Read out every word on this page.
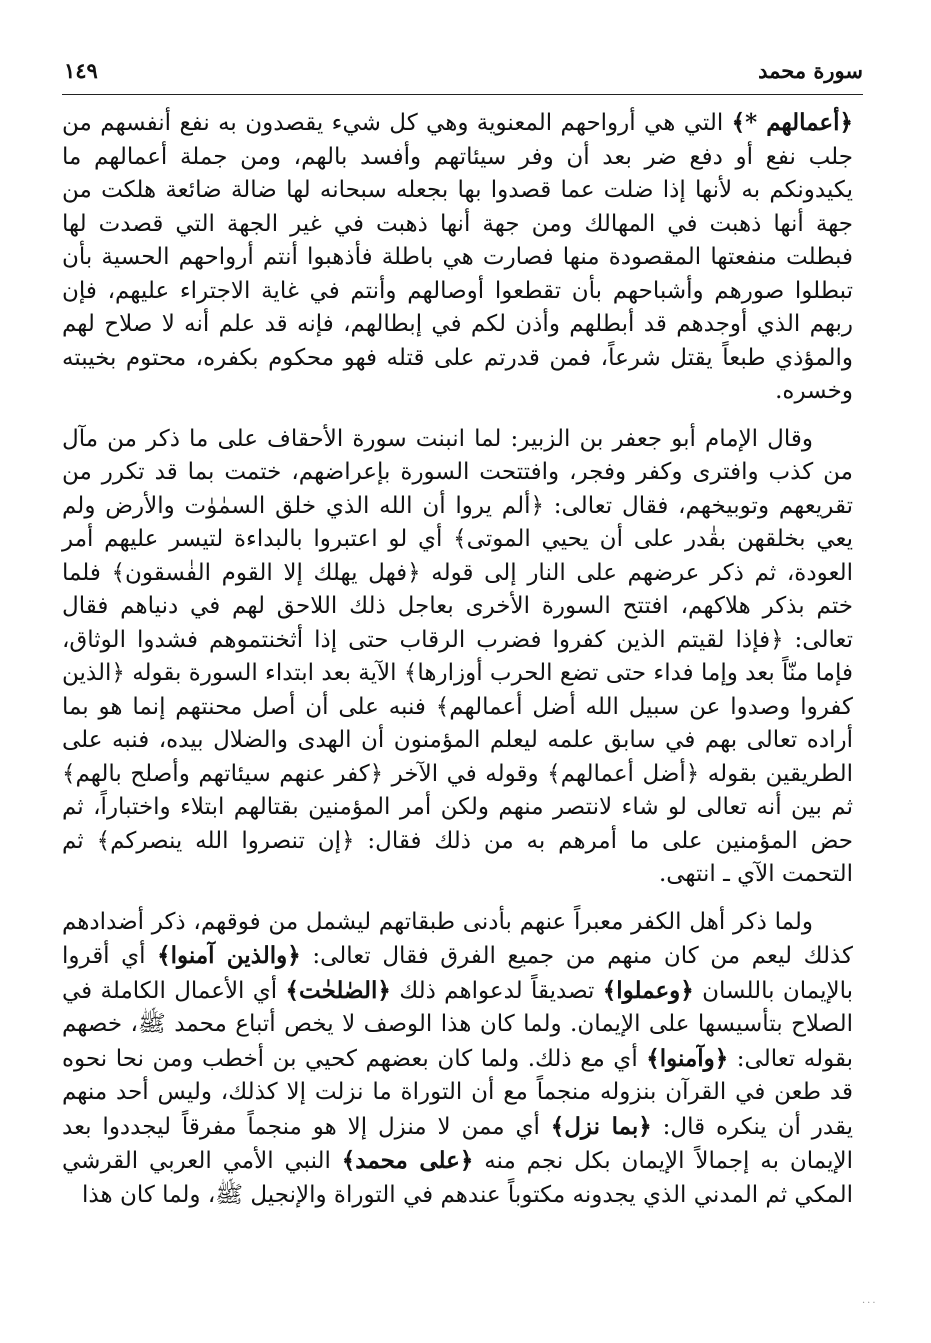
سورة محمد
١٤٩

﴿أعمالهم *﴾ التي هي أرواحهم المعنوية وهي كل شيء يقصدون به نفع أنفسهم من جلب نفع أو دفع ضر بعد أن وفر سيئاتهم وأفسد بالهم، ومن جملة أعمالهم ما يكيدونكم به لأنها إذا ضلت عما قصدوا بها بجعله سبحانه لها ضالة ضائعة هلكت من جهة أنها ذهبت في المهالك ومن جهة أنها ذهبت في غير الجهة التي قصدت لها فبطلت منفعتها المقصودة منها فصارت هي باطلة فأذهبوا أنتم أرواحهم الحسية بأن تبطلوا صورهم وأشباحهم بأن تقطعوا أوصالهم وأنتم في غاية الاجتراء عليهم، فإن ربهم الذي أوجدهم قد أبطلهم وأذن لكم في إبطالهم، فإنه قد علم أنه لا صلاح لهم والمؤذي طبعاً يقتل شرعاً، فمن قدرتم على قتله فهو محكوم بكفره، محتوم بخيبته وخسره.

وقال الإمام أبو جعفر بن الزبير: لما انبنت سورة الأحقاف على ما ذكر من مآل من كذب وافترى وكفر وفجر، وافتتحت السورة بإعراضهم، ختمت بما قد تكرر من تقريعهم وتوبيخهم، فقال تعالى: ﴿ألم يروا أن الله الذي خلق السمٰوٰت والأرض ولم يعي بخلقهن بقٰدر على أن يحيي الموتى﴾ أي لو اعتبروا بالبداءة لتيسر عليهم أمر العودة، ثم ذكر عرضهم على النار إلى قوله ﴿فهل يهلك إلا القوم الفٰسقون﴾ فلما ختم بذكر هلاكهم، افتتح السورة الأخرى بعاجل ذلك اللاحق لهم في دنياهم فقال تعالى: ﴿فإذا لقيتم الذين كفروا فضرب الرقاب حتى إذا أثخنتموهم فشدوا الوثاق، فإما منّاً بعد وإما فداء حتى تضع الحرب أوزارها﴾ الآية بعد ابتداء السورة بقوله ﴿الذين كفروا وصدوا عن سبيل الله أضل أعمالهم﴾ فنبه على أن أصل محنتهم إنما هو بما أراده تعالى بهم في سابق علمه ليعلم المؤمنون أن الهدى والضلال بيده، فنبه على الطريقين بقوله ﴿أضل أعمالهم﴾ وقوله في الآخر ﴿كفر عنهم سيئاتهم وأصلح بالهم﴾ ثم بين أنه تعالى لو شاء لانتصر منهم ولكن أمر المؤمنين بقتالهم ابتلاء واختباراً، ثم حض المؤمنين على ما أمرهم به من ذلك فقال: ﴿إن تنصروا الله ينصركم﴾ ثم التحمت الآي ـ انتهى.

ولما ذكر أهل الكفر معبراً عنهم بأدنى طبقاتهم ليشمل من فوقهم، ذكر أضدادهم كذلك ليعم من كان منهم من جميع الفرق فقال تعالى: ﴿والذين آمنوا﴾ أي أقروا بالإيمان باللسان ﴿وعملوا﴾ تصديقاً لدعواهم ذلك ﴿الصٰلحٰت﴾ أي الأعمال الكاملة في الصلاح بتأسيسها على الإيمان. ولما كان هذا الوصف لا يخص أتباع محمد ﷺ، خصهم بقوله تعالى: ﴿وآمنوا﴾ أي مع ذلك. ولما كان بعضهم كحيي بن أخطب ومن نحا نحوه قد طعن في القرآن بنزوله منجماً مع أن التوراة ما نزلت إلا كذلك، وليس أحد منهم يقدر أن ينكره قال: ﴿بما نزل﴾ أي ممن لا منزل إلا هو منجماً مفرقاً ليجددوا بعد الإيمان به إجمالاً الإيمان بكل نجم منه ﴿على محمد﴾ النبي الأمي العربي القرشي المكي ثم المدني الذي يجدونه مكتوباً عندهم في التوراة والإنجيل ﷺ، ولما كان هذا

···
